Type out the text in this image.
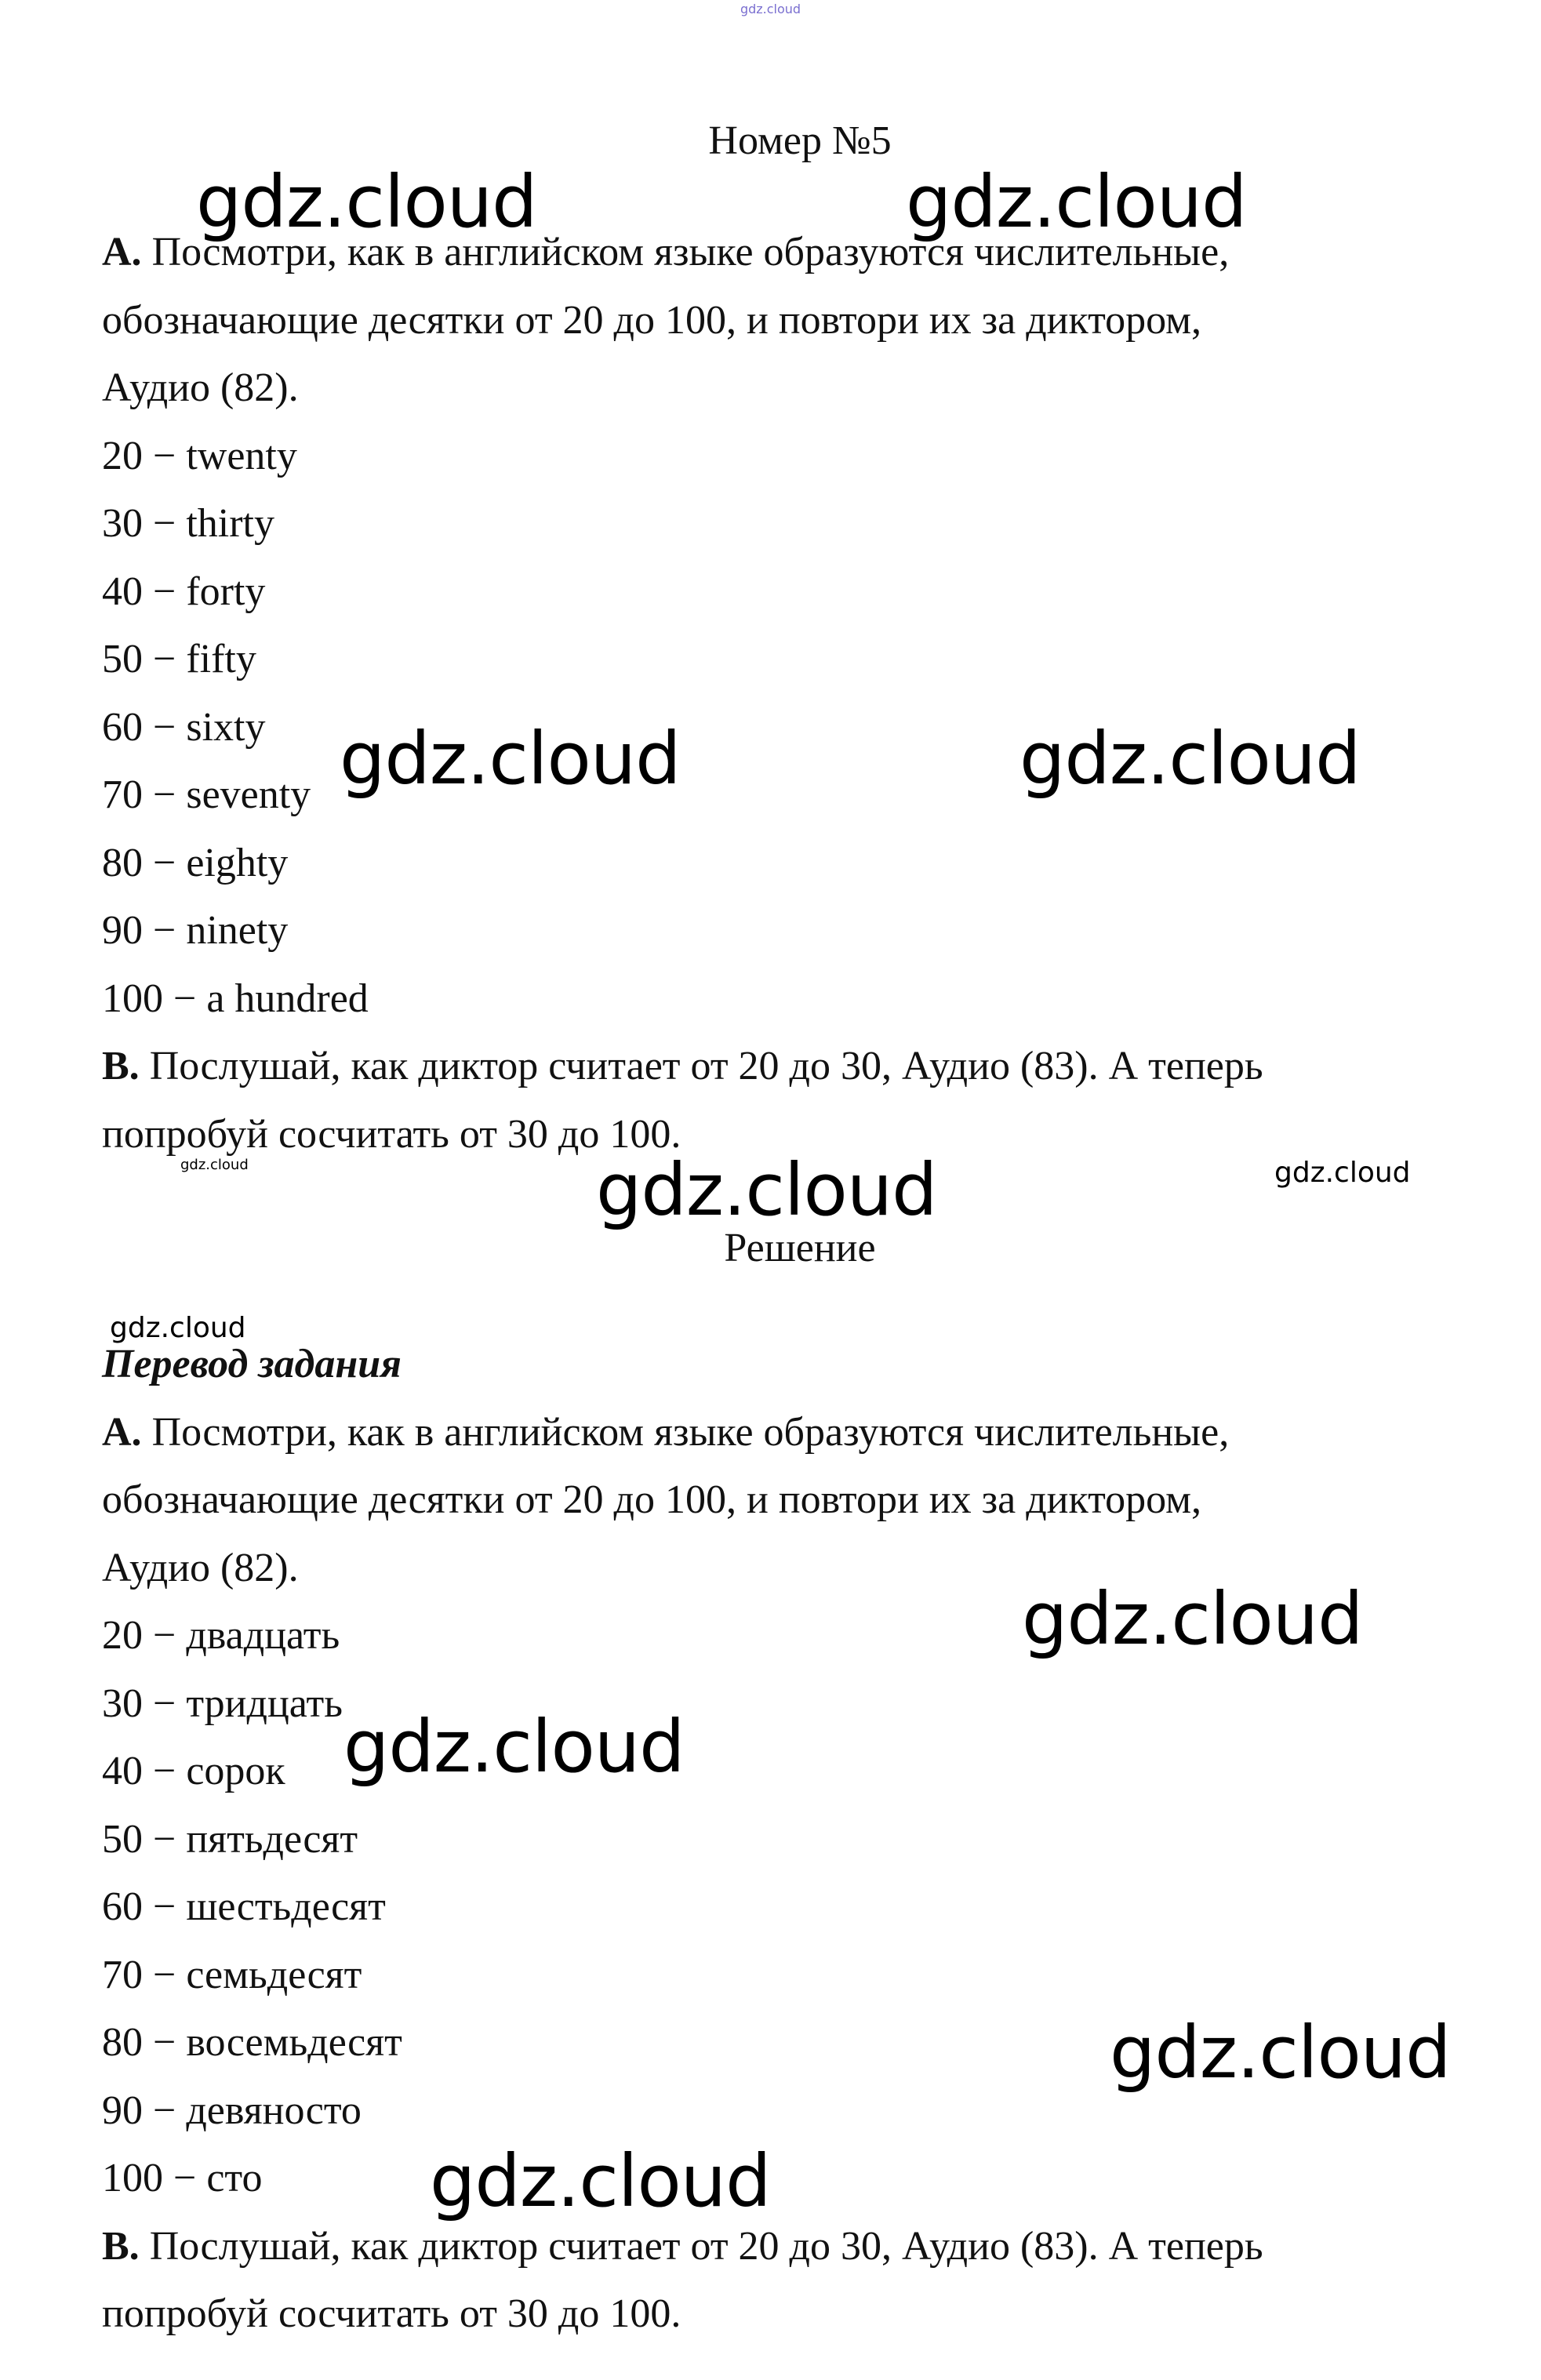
gdz.cloud
Номер №5

А. Посмотри, как в английском языке образуются числительные,

обозначающие десятки от 20 до 100, и повтори их за диктором,

Аудио (82).

20 − twenty

30 − thirty

40 − forty

50 − fifty

60 − sixty

70 − seventy

80 − eighty

90 − ninety

100 − a hundred

В. Послушай, как диктор считает от 20 до 30, Аудио (83). А теперь

попробуй сосчитать от 30 до 100.

Решение

Перевод задания

А. Посмотри, как в английском языке образуются числительные,

обозначающие десятки от 20 до 100, и повтори их за диктором,

Аудио (82).

20 − двадцать

30 − тридцать

40 − сорок

50 − пятьдесят

60 − шестьдесят

70 − семьдесят

80 − восемьдесят

90 − девяносто

100 − сто

В. Послушай, как диктор считает от 20 до 30, Аудио (83). А теперь

попробуй сосчитать от 30 до 100.

gdz.cloud	gdz.cloud
gdz.cloud	gdz.cloud
gdz.cloud	gdz.cloud
gdz.cloud
gdz.cloud
gdz.cloud
gdz.cloud
gdz.cloud
gdz.cloud
